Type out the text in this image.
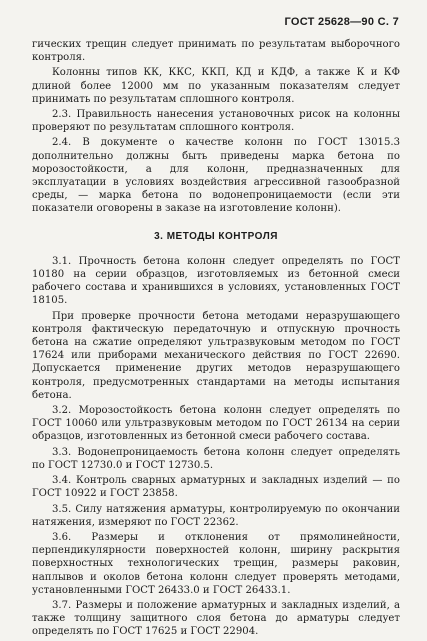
ГОСТ 25628—90 С. 7

гических трещин следует принимать по результатам выборочного контроля.

Колонны типов КК, ККС, ККП, КД и КДФ, а также К и КФ длиной более 12000 мм по указанным показателям следует принимать по результатам сплошного контроля.

2.3. Правильность нанесения установочных рисок на колонны проверяют по результатам сплошного контроля.

2.4. В документе о качестве колонн по ГОСТ 13015.3 дополнительно должны быть приведены марка бетона по морозостойкости, а для колонн, предназначенных для эксплуатации в условиях воздействия агрессивной газообразной среды, — марка бетона по водонепроницаемости (если эти показатели оговорены в заказе на изготовление колонн).

3. МЕТОДЫ КОНТРОЛЯ

3.1. Прочность бетона колонн следует определять по ГОСТ 10180 на серии образцов, изготовляемых из бетонной смеси рабочего состава и хранившихся в условиях, установленных ГОСТ 18105.

При проверке прочности бетона методами неразрушающего контроля фактическую передаточную и отпускную прочность бетона на сжатие определяют ультразвуковым методом по ГОСТ 17624 или приборами механического действия по ГОСТ 22690. Допускается применение других методов неразрушающего контроля, предусмотренных стандартами на методы испытания бетона.

3.2. Морозостойкость бетона колонн следует определять по ГОСТ 10060 или ультразвуковым методом по ГОСТ 26134 на серии образцов, изготовленных из бетонной смеси рабочего состава.

3.3. Водонепроницаемость бетона колонн следует определять по ГОСТ 12730.0 и ГОСТ 12730.5.

3.4. Контроль сварных арматурных и закладных изделий — по ГОСТ 10922 и ГОСТ 23858.

3.5. Силу натяжения арматуры, контролируемую по окончании натяжения, измеряют по ГОСТ 22362.

3.6. Размеры и отклонения от прямолинейности, перпендикулярности поверхностей колонн, ширину раскрытия поверхностных технологических трещин, размеры раковин, наплывов и околов бетона колонн следует проверять методами, установленными ГОСТ 26433.0 и ГОСТ 26433.1.

3.7. Размеры и положение арматурных и закладных изделий, а также толщину защитного слоя бетона до арматуры следует определять по ГОСТ 17625 и ГОСТ 22904.
